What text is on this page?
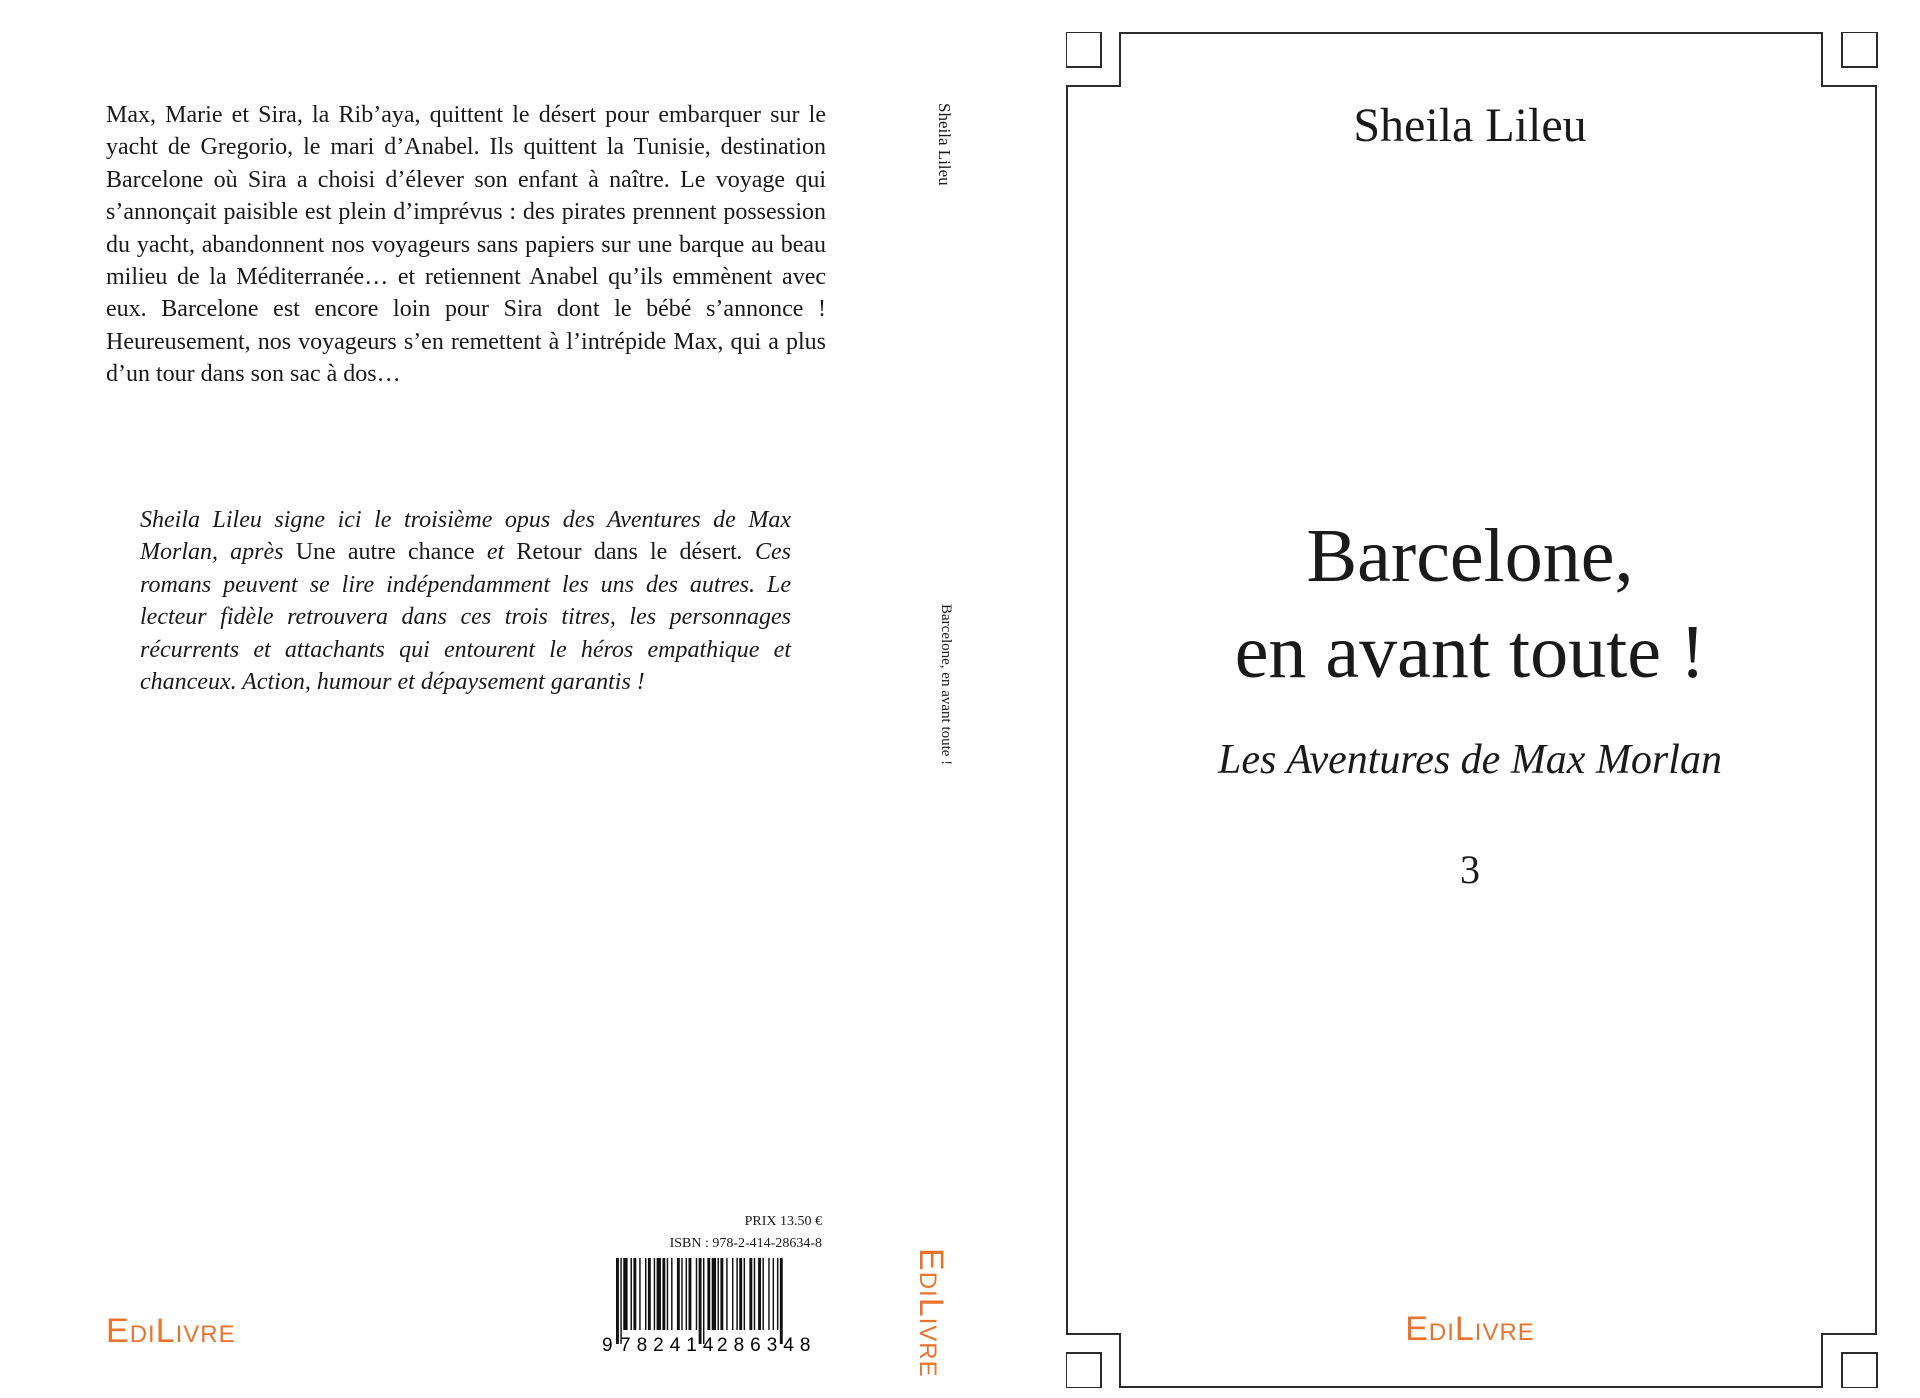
Max, Marie et Sira, la Rib’aya, quittent le désert pour embarquer sur le yacht de Gregorio, le mari d’Anabel. Ils quittent la Tunisie, destination Barcelone où Sira a choisi d’élever son enfant à naître. Le voyage qui s’annonçait paisible est plein d’imprévus : des pirates prennent possession du yacht, abandonnent nos voyageurs sans papiers sur une barque au beau milieu de la Méditerranée… et retiennent Anabel qu’ils emmènent avec eux. Barcelone est encore loin pour Sira dont le bébé s’annonce ! Heureusement, nos voyageurs s’en remettent à l’intrépide Max, qui a plus d’un tour dans son sac à dos…

Sheila Lileu signe ici le troisième opus des Aventures de Max Morlan, après Une autre chance et Retour dans le désert. Ces romans peuvent se lire indépendamment les uns des autres. Le lecteur fidèle retrouvera dans ces trois titres, les personnages récurrents et attachants qui entourent le héros empathique et chanceux. Action, humour et dépaysement garantis !

PRIX 13.50 €
ISBN : 978-2-414-28634-8
9 782414
286348
EDILIVRE
Sheila Lileu
Barcelone, en avant toute !
EDILIVRE
Sheila Lileu
Barcelone,
en avant toute !
Les Aventures de Max Morlan
3
EDILIVRE
